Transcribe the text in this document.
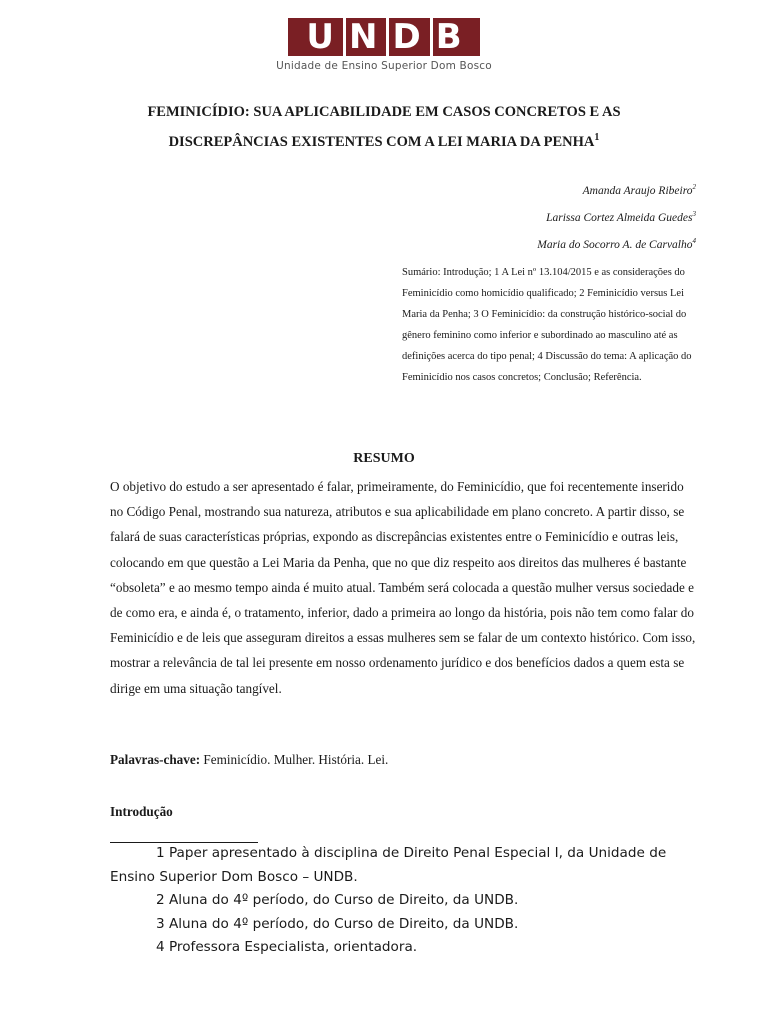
U N D B
Unidade de Ensino Superior Dom Bosco
FEMINICÍDIO: SUA APLICABILIDADE EM CASOS CONCRETOS E AS
DISCREPÂNCIAS EXISTENTES COM A LEI MARIA DA PENHA$^1$
Amanda Araujo Ribeiro$^2$
Larissa Cortez Almeida Guedes$^3$
Maria do Socorro A. de Carvalho$^4$
Sumário: Introdução; 1 A Lei nº 13.104/2015 e as considerações do Feminicídio como homicídio qualificado; 2 Feminicídio versus Lei Maria da Penha; 3 O Feminicídio: da construção histórico-social do gênero feminino como inferior e subordinado ao masculino até as definições acerca do tipo penal; 4 Discussão do tema: A aplicação do Feminicídio nos casos concretos; Conclusão; Referência.
RESUMO
O objetivo do estudo a ser apresentado é falar, primeiramente, do Feminicídio, que foi recentemente inserido no Código Penal, mostrando sua natureza, atributos e sua aplicabilidade em plano concreto. A partir disso, se falará de suas características próprias, expondo as discrepâncias existentes entre o Feminicídio e outras leis, colocando em que questão a Lei Maria da Penha, que no que diz respeito aos direitos das mulheres é bastante “obsoleta” e ao mesmo tempo ainda é muito atual. Também será colocada a questão mulher versus sociedade e de como era, e ainda é, o tratamento, inferior, dado a primeira ao longo da história, pois não tem como falar do Feminicídio e de leis que asseguram direitos a essas mulheres sem se falar de um contexto histórico. Com isso, mostrar a relevância de tal lei presente em nosso ordenamento jurídico e dos benefícios dados a quem esta se dirige em uma situação tangível.
Palavras-chave: Feminicídio. Mulher. História. Lei.
Introdução

1 Paper apresentado à disciplina de Direito Penal Especial I, da Unidade de Ensino Superior Dom Bosco – UNDB.

2 Aluna do 4º período, do Curso de Direito, da UNDB.

3 Aluna do 4º período, do Curso de Direito, da UNDB.

4 Professora Especialista, orientadora.
